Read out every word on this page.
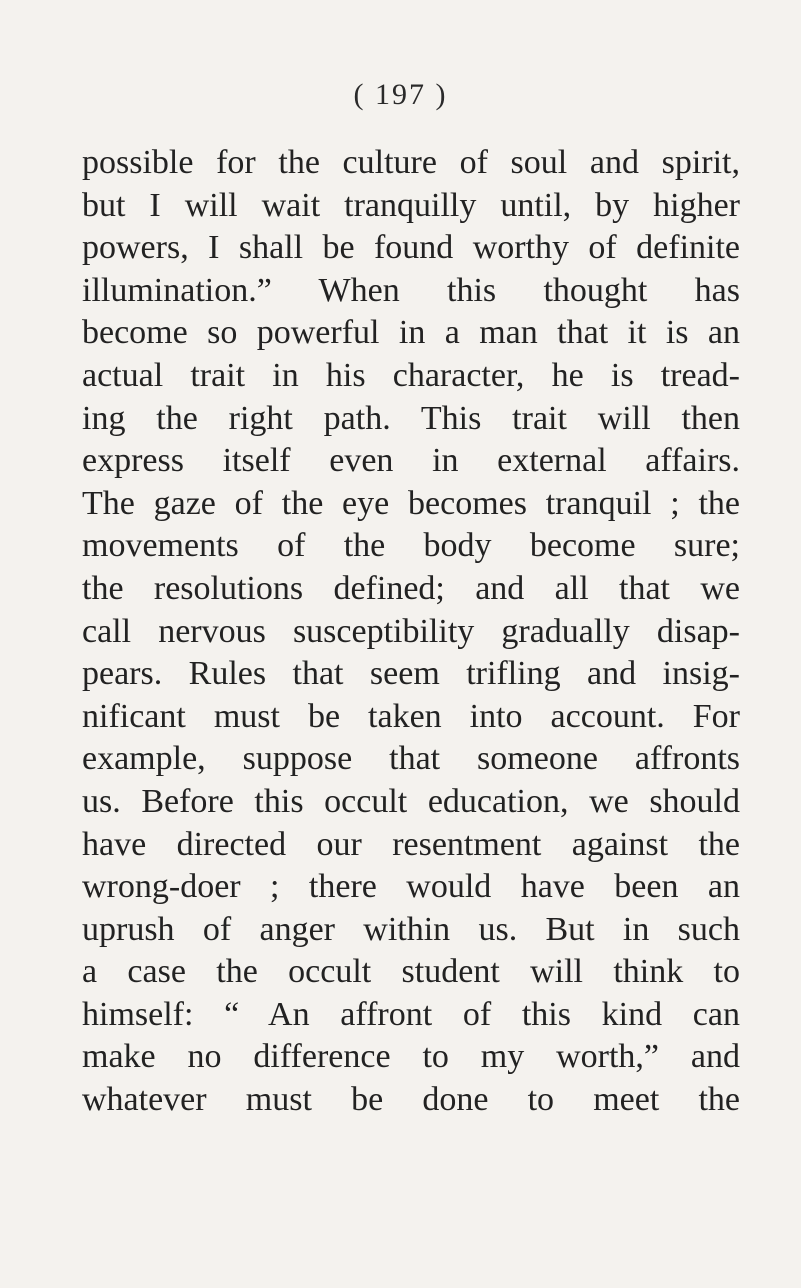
( 197 )
possible for the culture of soul and spirit,
but I will wait tranquilly until, by higher
powers, I shall be found worthy of definite
illumination.” When this thought has
become so powerful in a man that it is an
actual trait in his character, he is tread-
ing the right path. This trait will then
express itself even in external affairs.
The gaze of the eye becomes tranquil ; the
movements of the body become sure;
the resolutions defined; and all that we
call nervous susceptibility gradually disap-
pears. Rules that seem trifling and insig-
nificant must be taken into account. For
example, suppose that someone affronts
us. Before this occult education, we should
have directed our resentment against the
wrong-doer ; there would have been an
uprush of anger within us. But in such
a case the occult student will think to
himself: “ An affront of this kind can
make no difference to my worth,” and
whatever must be done to meet the
